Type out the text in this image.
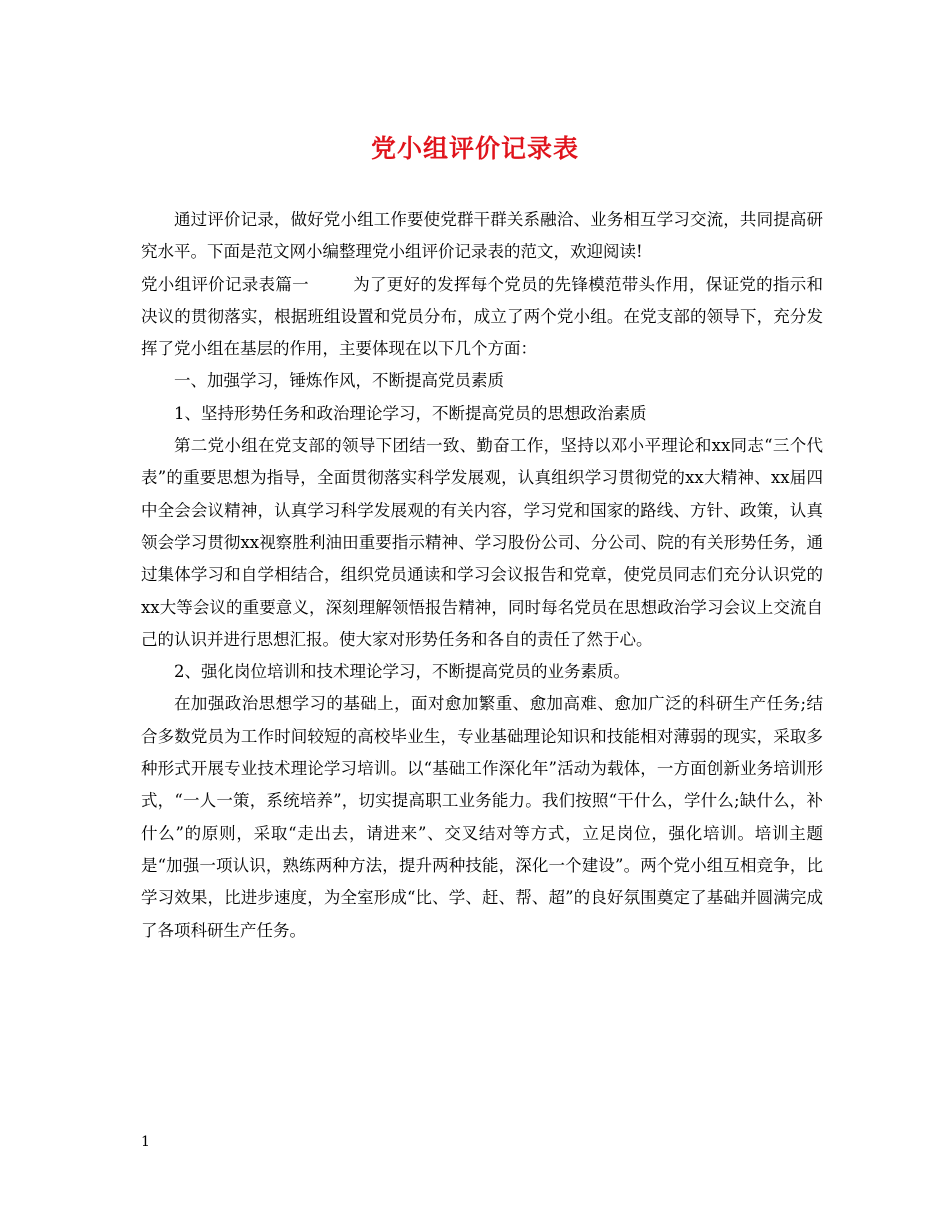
党小组评价记录表

通过评价记录，做好党小组工作要使党群干群关系融洽、业务相互学习交流，共同提高研究水平。下面是范文网小编整理党小组评价记录表的范文，欢迎阅读!

党小组评价记录表篇一	为了更好的发挥每个党员的先锋模范带头作用，保证党的指示和决议的贯彻落实，根据班组设置和党员分布，成立了两个党小组。在党支部的领导下，充分发挥了党小组在基层的作用，主要体现在以下几个方面：

一、加强学习，锤炼作风，不断提高党员素质

1、坚持形势任务和政治理论学习，不断提高党员的思想政治素质

第二党小组在党支部的领导下团结一致、勤奋工作，坚持以邓小平理论和xx同志“三个代表”的重要思想为指导，全面贯彻落实科学发展观，认真组织学习贯彻党的xx大精神、xx届四中全会会议精神，认真学习科学发展观的有关内容，学习党和国家的路线、方针、政策，认真领会学习贯彻xx视察胜利油田重要指示精神、学习股份公司、分公司、院的有关形势任务，通过集体学习和自学相结合，组织党员通读和学习会议报告和党章，使党员同志们充分认识党的xx大等会议的重要意义，深刻理解领悟报告精神，同时每名党员在思想政治学习会议上交流自己的认识并进行思想汇报。使大家对形势任务和各自的责任了然于心。

2、强化岗位培训和技术理论学习，不断提高党员的业务素质。

在加强政治思想学习的基础上，面对愈加繁重、愈加高难、愈加广泛的科研生产任务;结合多数党员为工作时间较短的高校毕业生，专业基础理论知识和技能相对薄弱的现实，采取多种形式开展专业技术理论学习培训。以“基础工作深化年”活动为载体，一方面创新业务培训形式，“一人一策，系统培养”，切实提高职工业务能力。我们按照“干什么，学什么;缺什么，补什么”的原则，采取“走出去，请进来”、交叉结对等方式，立足岗位，强化培训。培训主题是“加强一项认识，熟练两种方法，提升两种技能，深化一个建设”。两个党小组互相竞争，比学习效果，比进步速度，为全室形成“比、学、赶、帮、超”的良好氛围奠定了基础并圆满完成了各项科研生产任务。

1
